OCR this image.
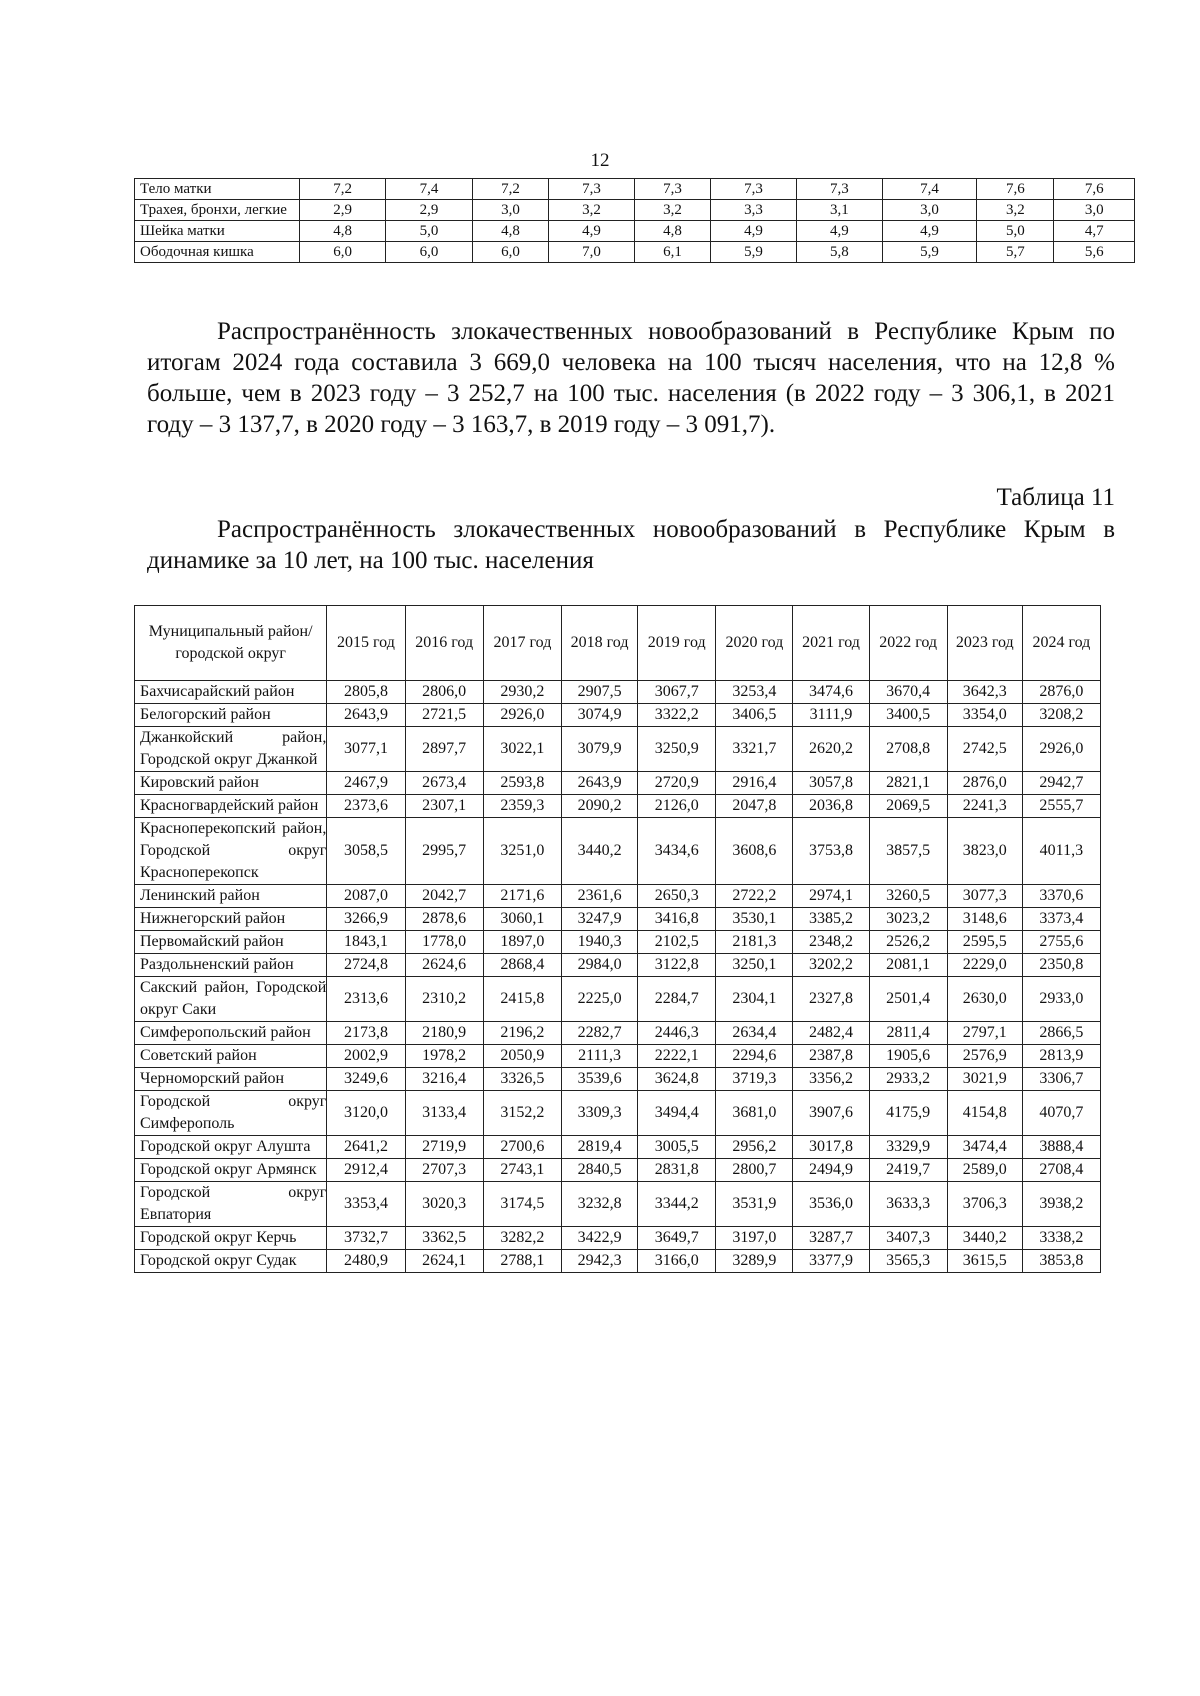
12
Тело матки	7,2	7,4	7,2	7,3	7,3	7,3	7,3	7,4	7,6	7,6
Трахея, бронхи, легкие	2,9	2,9	3,0	3,2	3,2	3,3	3,1	3,0	3,2	3,0
Шейка матки	4,8	5,0	4,8	4,9	4,8	4,9	4,9	4,9	5,0	4,7
Ободочная кишка	6,0	6,0	6,0	7,0	6,1	5,9	5,8	5,9	5,7	5,6
Распространённость злокачественных новообразований в Республике Крым по итогам 2024 года составила 3 669,0 человека на 100 тысяч населения, что на 12,8 % больше, чем в 2023 году – 3 252,7 на 100 тыс. населения (в 2022 году – 3 306,1, в 2021 году – 3 137,7, в 2020 году – 3 163,7, в 2019 году – 3 091,7).
Таблица 11
Распространённость злокачественных новообразований в Республике Крым в динамике за 10 лет, на 100 тыс. населения
Муниципальный район/ городской округ	2015 год	2016 год	2017 год	2018 год	2019 год	2020 год	2021 год	2022 год	2023 год	2024 год
Бахчисарайский район	2805,8	2806,0	2930,2	2907,5	3067,7	3253,4	3474,6	3670,4	3642,3	2876,0
Белогорский район	2643,9	2721,5	2926,0	3074,9	3322,2	3406,5	3111,9	3400,5	3354,0	3208,2
Джанкойский район, Городской округ Джанкой	3077,1	2897,7	3022,1	3079,9	3250,9	3321,7	2620,2	2708,8	2742,5	2926,0
Кировский район	2467,9	2673,4	2593,8	2643,9	2720,9	2916,4	3057,8	2821,1	2876,0	2942,7
Красногвардейский район	2373,6	2307,1	2359,3	2090,2	2126,0	2047,8	2036,8	2069,5	2241,3	2555,7
Красноперекопский район, Городской округ Красноперекопск	3058,5	2995,7	3251,0	3440,2	3434,6	3608,6	3753,8	3857,5	3823,0	4011,3
Ленинский район	2087,0	2042,7	2171,6	2361,6	2650,3	2722,2	2974,1	3260,5	3077,3	3370,6
Нижнегорский район	3266,9	2878,6	3060,1	3247,9	3416,8	3530,1	3385,2	3023,2	3148,6	3373,4
Первомайский район	1843,1	1778,0	1897,0	1940,3	2102,5	2181,3	2348,2	2526,2	2595,5	2755,6
Раздольненский район	2724,8	2624,6	2868,4	2984,0	3122,8	3250,1	3202,2	2081,1	2229,0	2350,8
Сакский район, Городской округ Саки	2313,6	2310,2	2415,8	2225,0	2284,7	2304,1	2327,8	2501,4	2630,0	2933,0
Симферопольский район	2173,8	2180,9	2196,2	2282,7	2446,3	2634,4	2482,4	2811,4	2797,1	2866,5
Советский район	2002,9	1978,2	2050,9	2111,3	2222,1	2294,6	2387,8	1905,6	2576,9	2813,9
Черноморский район	3249,6	3216,4	3326,5	3539,6	3624,8	3719,3	3356,2	2933,2	3021,9	3306,7
Городской округ Симферополь	3120,0	3133,4	3152,2	3309,3	3494,4	3681,0	3907,6	4175,9	4154,8	4070,7
Городской округ Алушта	2641,2	2719,9	2700,6	2819,4	3005,5	2956,2	3017,8	3329,9	3474,4	3888,4
Городской округ Армянск	2912,4	2707,3	2743,1	2840,5	2831,8	2800,7	2494,9	2419,7	2589,0	2708,4
Городской округ Евпатория	3353,4	3020,3	3174,5	3232,8	3344,2	3531,9	3536,0	3633,3	3706,3	3938,2
Городской округ Керчь	3732,7	3362,5	3282,2	3422,9	3649,7	3197,0	3287,7	3407,3	3440,2	3338,2
Городской округ Судак	2480,9	2624,1	2788,1	2942,3	3166,0	3289,9	3377,9	3565,3	3615,5	3853,8
